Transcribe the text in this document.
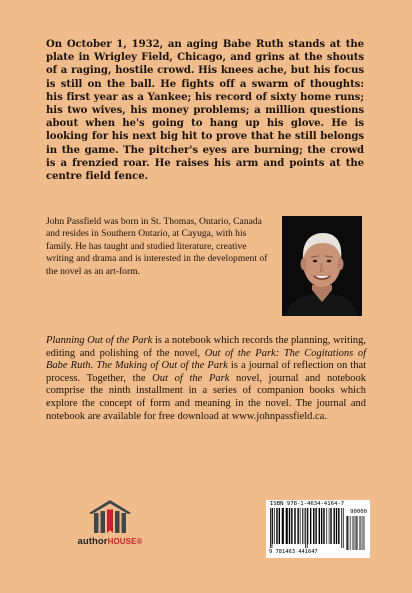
On October 1, 1932, an aging Babe Ruth stands at the plate in Wrigley Field, Chicago, and grins at the shouts of a raging, hostile crowd. His knees ache, but his focus is still on the ball. He fights off a swarm of thoughts: his first year as a Yankee; his record of sixty home runs; his two wives, his money problems; a million questions about when he's going to hang up his glove. He is looking for his next big hit to prove that he still belongs in the game. The pitcher's eyes are burning; the crowd is a frenzied roar. He raises his arm and points at the centre field fence.

John Passfield was born in St. Thomas, Ontario, Canada and resides in Southern Ontario, at Cayuga, with his family. He has taught and studied literature, creative writing and drama and is interested in the development of the novel as an art-form.

Planning Out of the Park is a notebook which records the planning, writing, editing and polishing of the novel, Out of the Park: The Cogitations of Babe Ruth. The Making of Out of the Park is a journal of reflection on that process. Together, the Out of the Park novel, journal and notebook comprise the ninth installment in a series of companion books which explore the concept of form and meaning in the novel. The journal and notebook are available for free download at www.johnpassfield.ca.

authorHOUSE®
ISBN 978-1-4634-4164-7
90000
9 781463 441647
